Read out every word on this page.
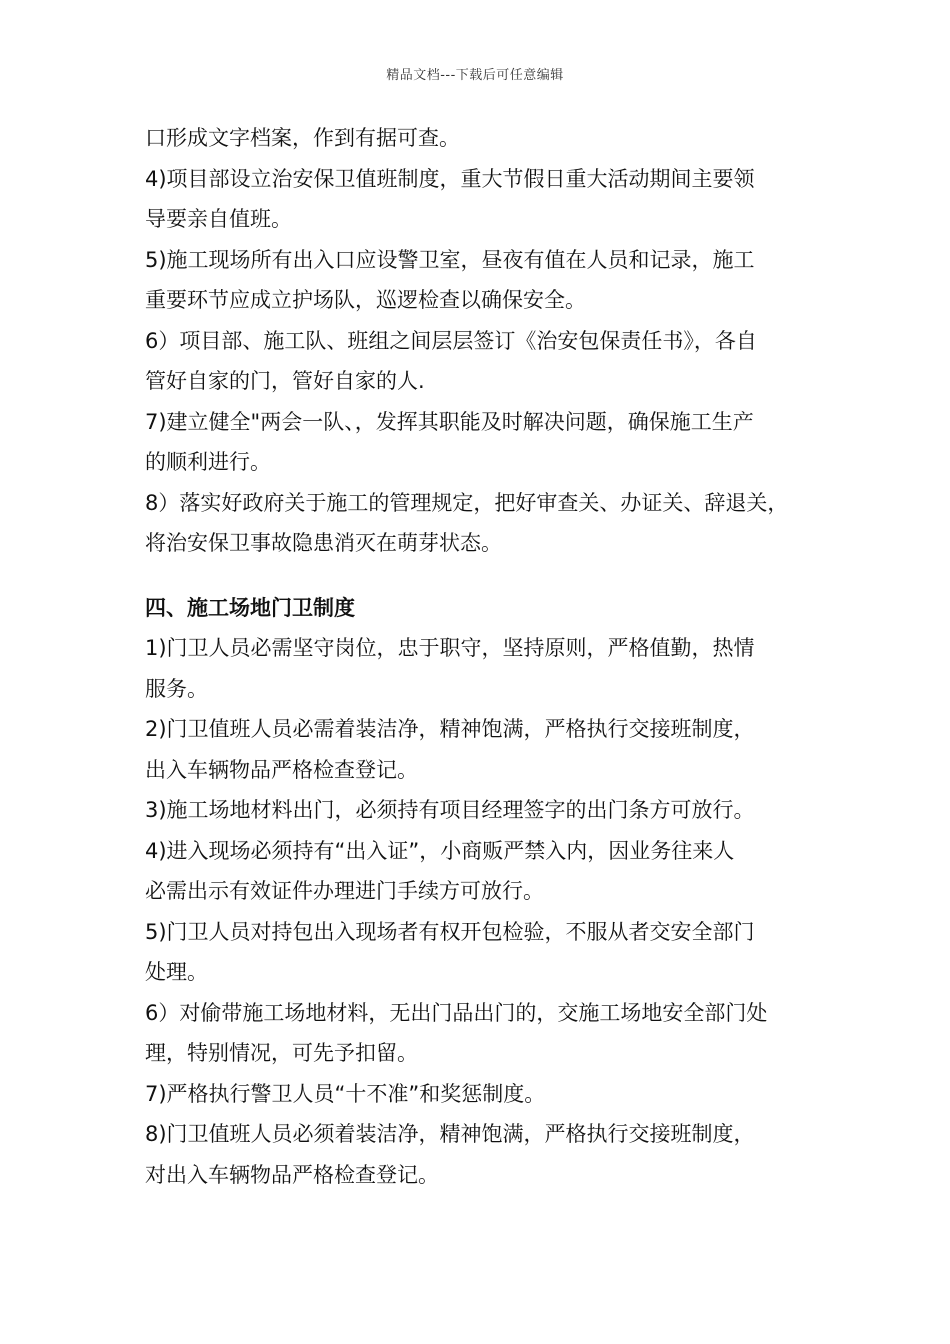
精品文档---下载后可任意编辑
口形成文字档案，作到有据可查。
4)项目部设立治安保卫值班制度，重大节假日重大活动期间主要领
导要亲自值班。
5)施工现场所有出入口应设警卫室，昼夜有值在人员和记录，施工
重要环节应成立护场队，巡逻检查以确保安全。
6）项目部、施工队、班组之间层层签订《治安包保责任书》，各自
管好自家的门，管好自家的人.
7)建立健全"两会一队、，发挥其职能及时解决问题，确保施工生产
的顺利进行。
8）落实好政府关于施工的管理规定，把好审查关、办证关、辞退关，
将治安保卫事故隐患消灭在萌芽状态。
四、施工场地门卫制度
1)门卫人员必需坚守岗位，忠于职守，坚持原则，严格值勤，热情
服务。
2)门卫值班人员必需着装洁净，精神饱满，严格执行交接班制度，
出入车辆物品严格检查登记。
3)施工场地材料出门，必须持有项目经理签字的出门条方可放行。
4)进入现场必须持有“出入证”，小商贩严禁入内，因业务往来人
必需出示有效证件办理进门手续方可放行。
5)门卫人员对持包出入现场者有权开包检验，不服从者交安全部门
处理。
6）对偷带施工场地材料，无出门品出门的，交施工场地安全部门处
理，特别情况，可先予扣留。
7)严格执行警卫人员“十不准”和奖惩制度。
8)门卫值班人员必须着装洁净，精神饱满，严格执行交接班制度，
对出入车辆物品严格检查登记。
